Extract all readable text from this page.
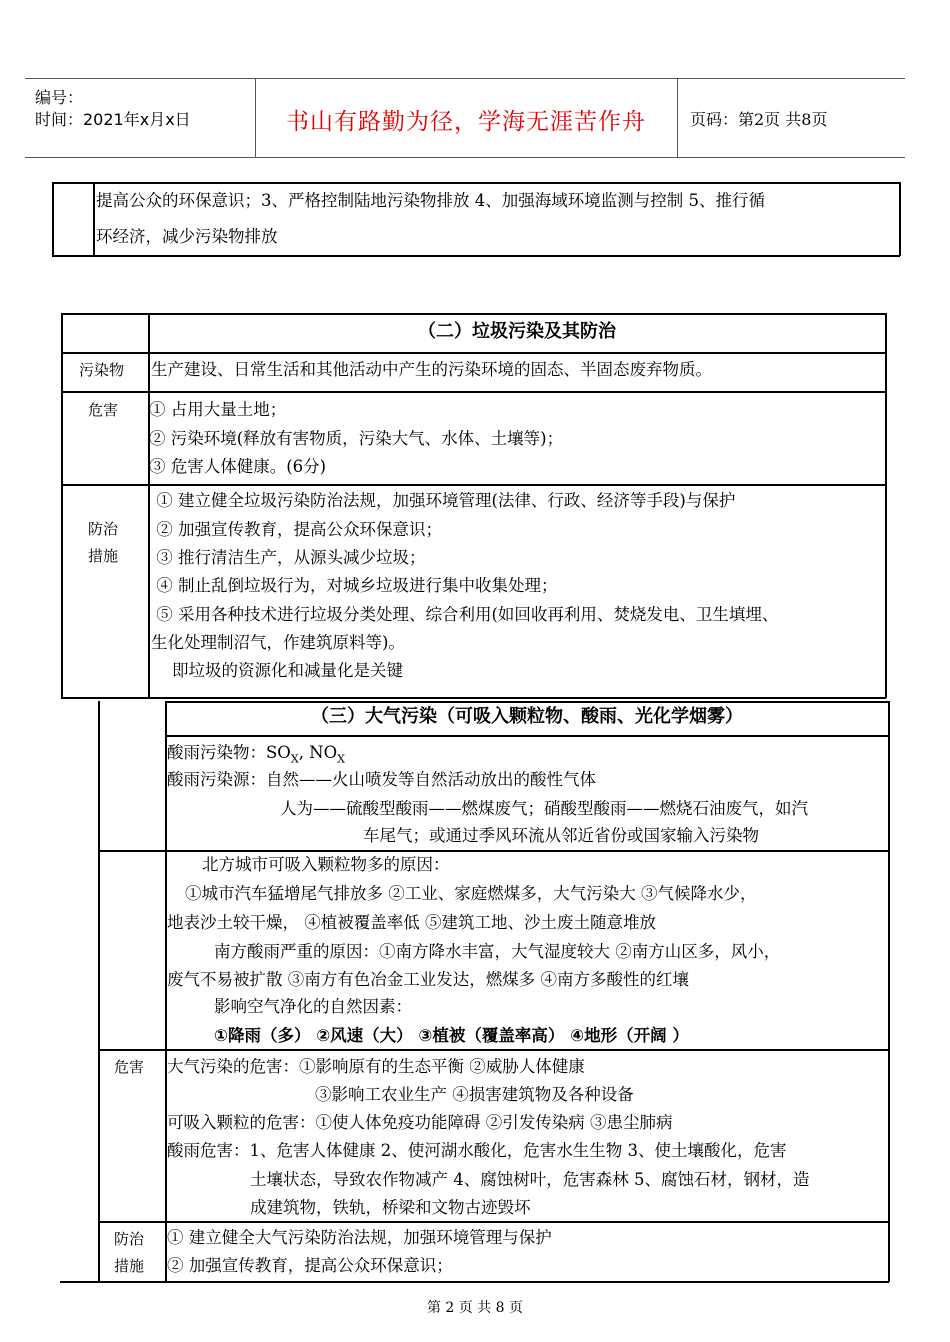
编号：
时间：2021年x月x日	书山有路勤为径，学海无涯苦作舟	页码：第2页 共8页
提高公众的环保意识；3、严格控制陆地污染物排放 4、加强海域环境监测与控制 5、推行循
环经济，减少污染物排放
（二）垃圾污染及其防治
污染物 生产建设、日常生活和其他活动中产生的污染环境的固态、半固态废弃物质。
危害 ① 占用大量土地；
② 污染环境(释放有害物质，污染大气、水体、土壤等)；
③ 危害人体健康。(6分)
防治
措施
① 建立健全垃圾污染防治法规，加强环境管理(法律、行政、经济等手段)与保护
② 加强宣传教育，提高公众环保意识；
③ 推行清洁生产，从源头减少垃圾；
④ 制止乱倒垃圾行为，对城乡垃圾进行集中收集处理；
⑤ 采用各种技术进行垃圾分类处理、综合利用(如回收再利用、焚烧发电、卫生填埋、
生化处理制沼气，作建筑原料等)。
即垃圾的资源化和减量化是关键
（三）大气污染（可吸入颗粒物、酸雨、光化学烟雾）
酸雨污染物：$SO_X$, $NO_X$
酸雨污染源：自然——火山喷发等自然活动放出的酸性气体
人为——硫酸型酸雨——燃煤废气；硝酸型酸雨——燃烧石油废气，如汽
车尾气；或通过季风环流从邻近省份或国家输入污染物
北方城市可吸入颗粒物多的原因：
①城市汽车猛增尾气排放多 ②工业、家庭燃煤多，大气污染大 ③气候降水少，
地表沙土较干燥， ④植被覆盖率低 ⑤建筑工地、沙土废土随意堆放
南方酸雨严重的原因：①南方降水丰富，大气湿度较大 ②南方山区多，风小，
废气不易被扩散 ③南方有色冶金工业发达，燃煤多 ④南方多酸性的红壤
影响空气净化的自然因素：
①降雨（多） ②风速（大） ③植被（覆盖率高） ④地形（开阔 ）
危害 大气污染的危害：①影响原有的生态平衡 ②威胁人体健康
③影响工农业生产 ④损害建筑物及各种设备
可吸入颗粒的危害：①使人体免疫功能障碍 ②引发传染病 ③患尘肺病
酸雨危害：1、危害人体健康 2、使河湖水酸化，危害水生生物 3、使土壤酸化，危害
土壤状态，导致农作物减产 4、腐蚀树叶，危害森林 5、腐蚀石材，钢材，造
成建筑物，铁轨，桥梁和文物古迹毁坏
防治
措施
① 建立健全大气污染防治法规，加强环境管理与保护
② 加强宣传教育，提高公众环保意识；
第 2 页 共 8 页
